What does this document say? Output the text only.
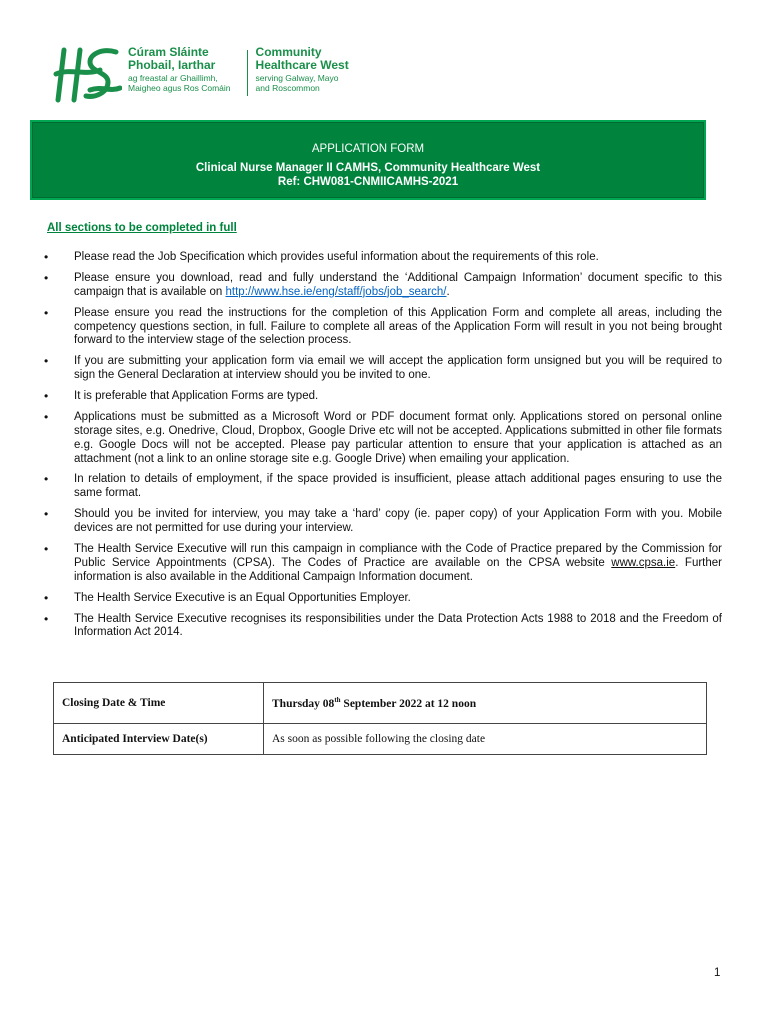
Cúram Sláinte
Phobail, Iarthar
ag freastal ar Ghaillimh,
Maigheo agus Ros Comáin
Community
Healthcare West
serving Galway, Mayo
and Roscommon
APPLICATION FORM
Clinical Nurse Manager II CAMHS, Community Healthcare West
Ref: CHW081-CNMIICAMHS-2021
All sections to be completed in full
• Please read the Job Specification which provides useful information about the requirements of this role.
• Please ensure you download, read and fully understand the ‘Additional Campaign Information’ document specific to this campaign that is available on http://www.hse.ie/eng/staff/jobs/job_search/.
• Please ensure you read the instructions for the completion of this Application Form and complete all areas, including the competency questions section, in full. Failure to complete all areas of the Application Form will result in you not being brought forward to the interview stage of the selection process.
• If you are submitting your application form via email we will accept the application form unsigned but you will be required to sign the General Declaration at interview should you be invited to one.
• It is preferable that Application Forms are typed.
• Applications must be submitted as a Microsoft Word or PDF document format only. Applications stored on personal online storage sites, e.g. Onedrive, Cloud, Dropbox, Google Drive etc will not be accepted. Applications submitted in other file formats e.g. Google Docs will not be accepted. Please pay particular attention to ensure that your application is attached as an attachment (not a link to an online storage site e.g. Google Drive) when emailing your application.
• In relation to details of employment, if the space provided is insufficient, please attach additional pages ensuring to use the same format.
• Should you be invited for interview, you may take a ‘hard’ copy (ie. paper copy) of your Application Form with you. Mobile devices are not permitted for use during your interview.
• The Health Service Executive will run this campaign in compliance with the Code of Practice prepared by the Commission for Public Service Appointments (CPSA). The Codes of Practice are available on the CPSA website www.cpsa.ie. Further information is also available in the Additional Campaign Information document.
• The Health Service Executive is an Equal Opportunities Employer.
• The Health Service Executive recognises its responsibilities under the Data Protection Acts 1988 to 2018 and the Freedom of Information Act 2014.
Closing Date & Time	Thursday 08th September 2022 at 12 noon
Anticipated Interview Date(s)	As soon as possible following the closing date
1
